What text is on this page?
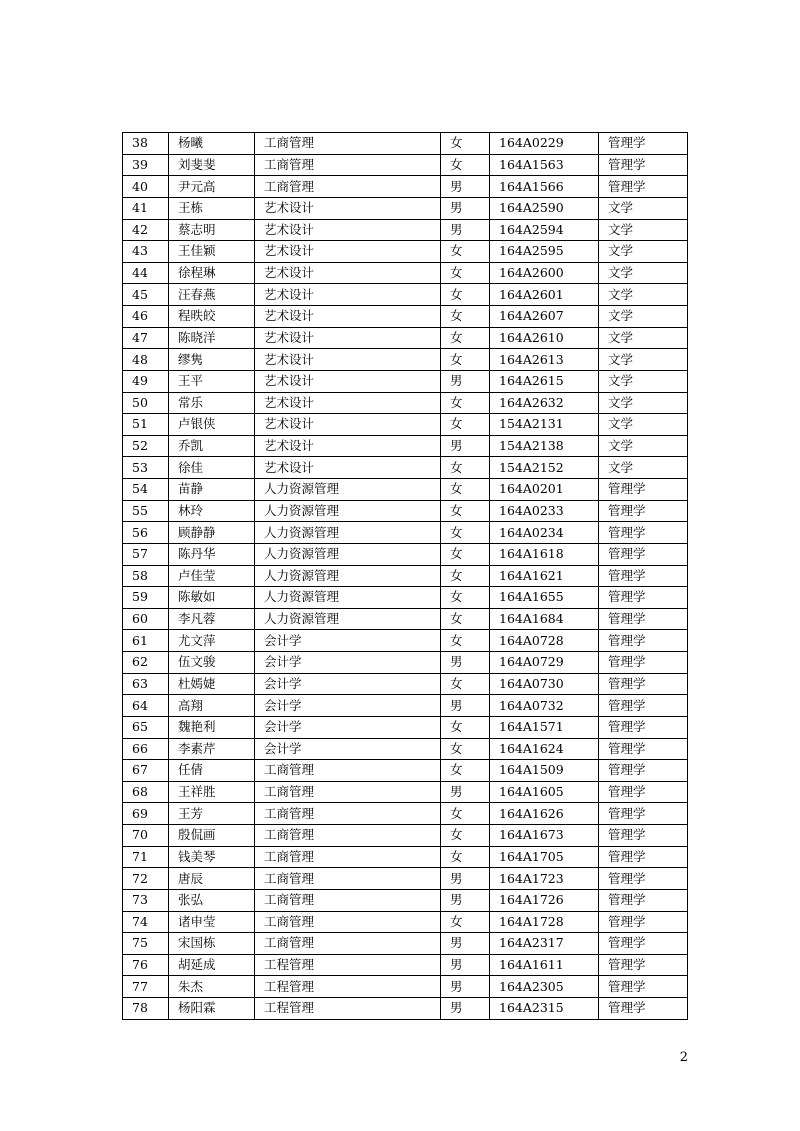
38	杨曦	工商管理	女	164A0229	管理学
39	刘斐斐	工商管理	女	164A1563	管理学
40	尹元高	工商管理	男	164A1566	管理学
41	王栋	艺术设计	男	164A2590	文学
42	蔡志明	艺术设计	男	164A2594	文学
43	王佳颖	艺术设计	女	164A2595	文学
44	徐程琳	艺术设计	女	164A2600	文学
45	汪春燕	艺术设计	女	164A2601	文学
46	程昳皎	艺术设计	女	164A2607	文学
47	陈晓洋	艺术设计	女	164A2610	文学
48	缪隽	艺术设计	女	164A2613	文学
49	王平	艺术设计	男	164A2615	文学
50	常乐	艺术设计	女	164A2632	文学
51	卢银侠	艺术设计	女	154A2131	文学
52	乔凯	艺术设计	男	154A2138	文学
53	徐佳	艺术设计	女	154A2152	文学
54	苗静	人力资源管理	女	164A0201	管理学
55	林玲	人力资源管理	女	164A0233	管理学
56	顾静静	人力资源管理	女	164A0234	管理学
57	陈丹华	人力资源管理	女	164A1618	管理学
58	卢佳莹	人力资源管理	女	164A1621	管理学
59	陈敏如	人力资源管理	女	164A1655	管理学
60	李凡蓉	人力资源管理	女	164A1684	管理学
61	尤文萍	会计学	女	164A0728	管理学
62	伍文骏	会计学	男	164A0729	管理学
63	杜嫣婕	会计学	女	164A0730	管理学
64	高翔	会计学	男	164A0732	管理学
65	魏艳利	会计学	女	164A1571	管理学
66	李素芹	会计学	女	164A1624	管理学
67	任倩	工商管理	女	164A1509	管理学
68	王祥胜	工商管理	男	164A1605	管理学
69	王芳	工商管理	女	164A1626	管理学
70	殷侃画	工商管理	女	164A1673	管理学
71	钱美琴	工商管理	女	164A1705	管理学
72	唐辰	工商管理	男	164A1723	管理学
73	张弘	工商管理	男	164A1726	管理学
74	诸申莹	工商管理	女	164A1728	管理学
75	宋国栋	工商管理	男	164A2317	管理学
76	胡延成	工程管理	男	164A1611	管理学
77	朱杰	工程管理	男	164A2305	管理学
78	杨阳霖	工程管理	男	164A2315	管理学
2
